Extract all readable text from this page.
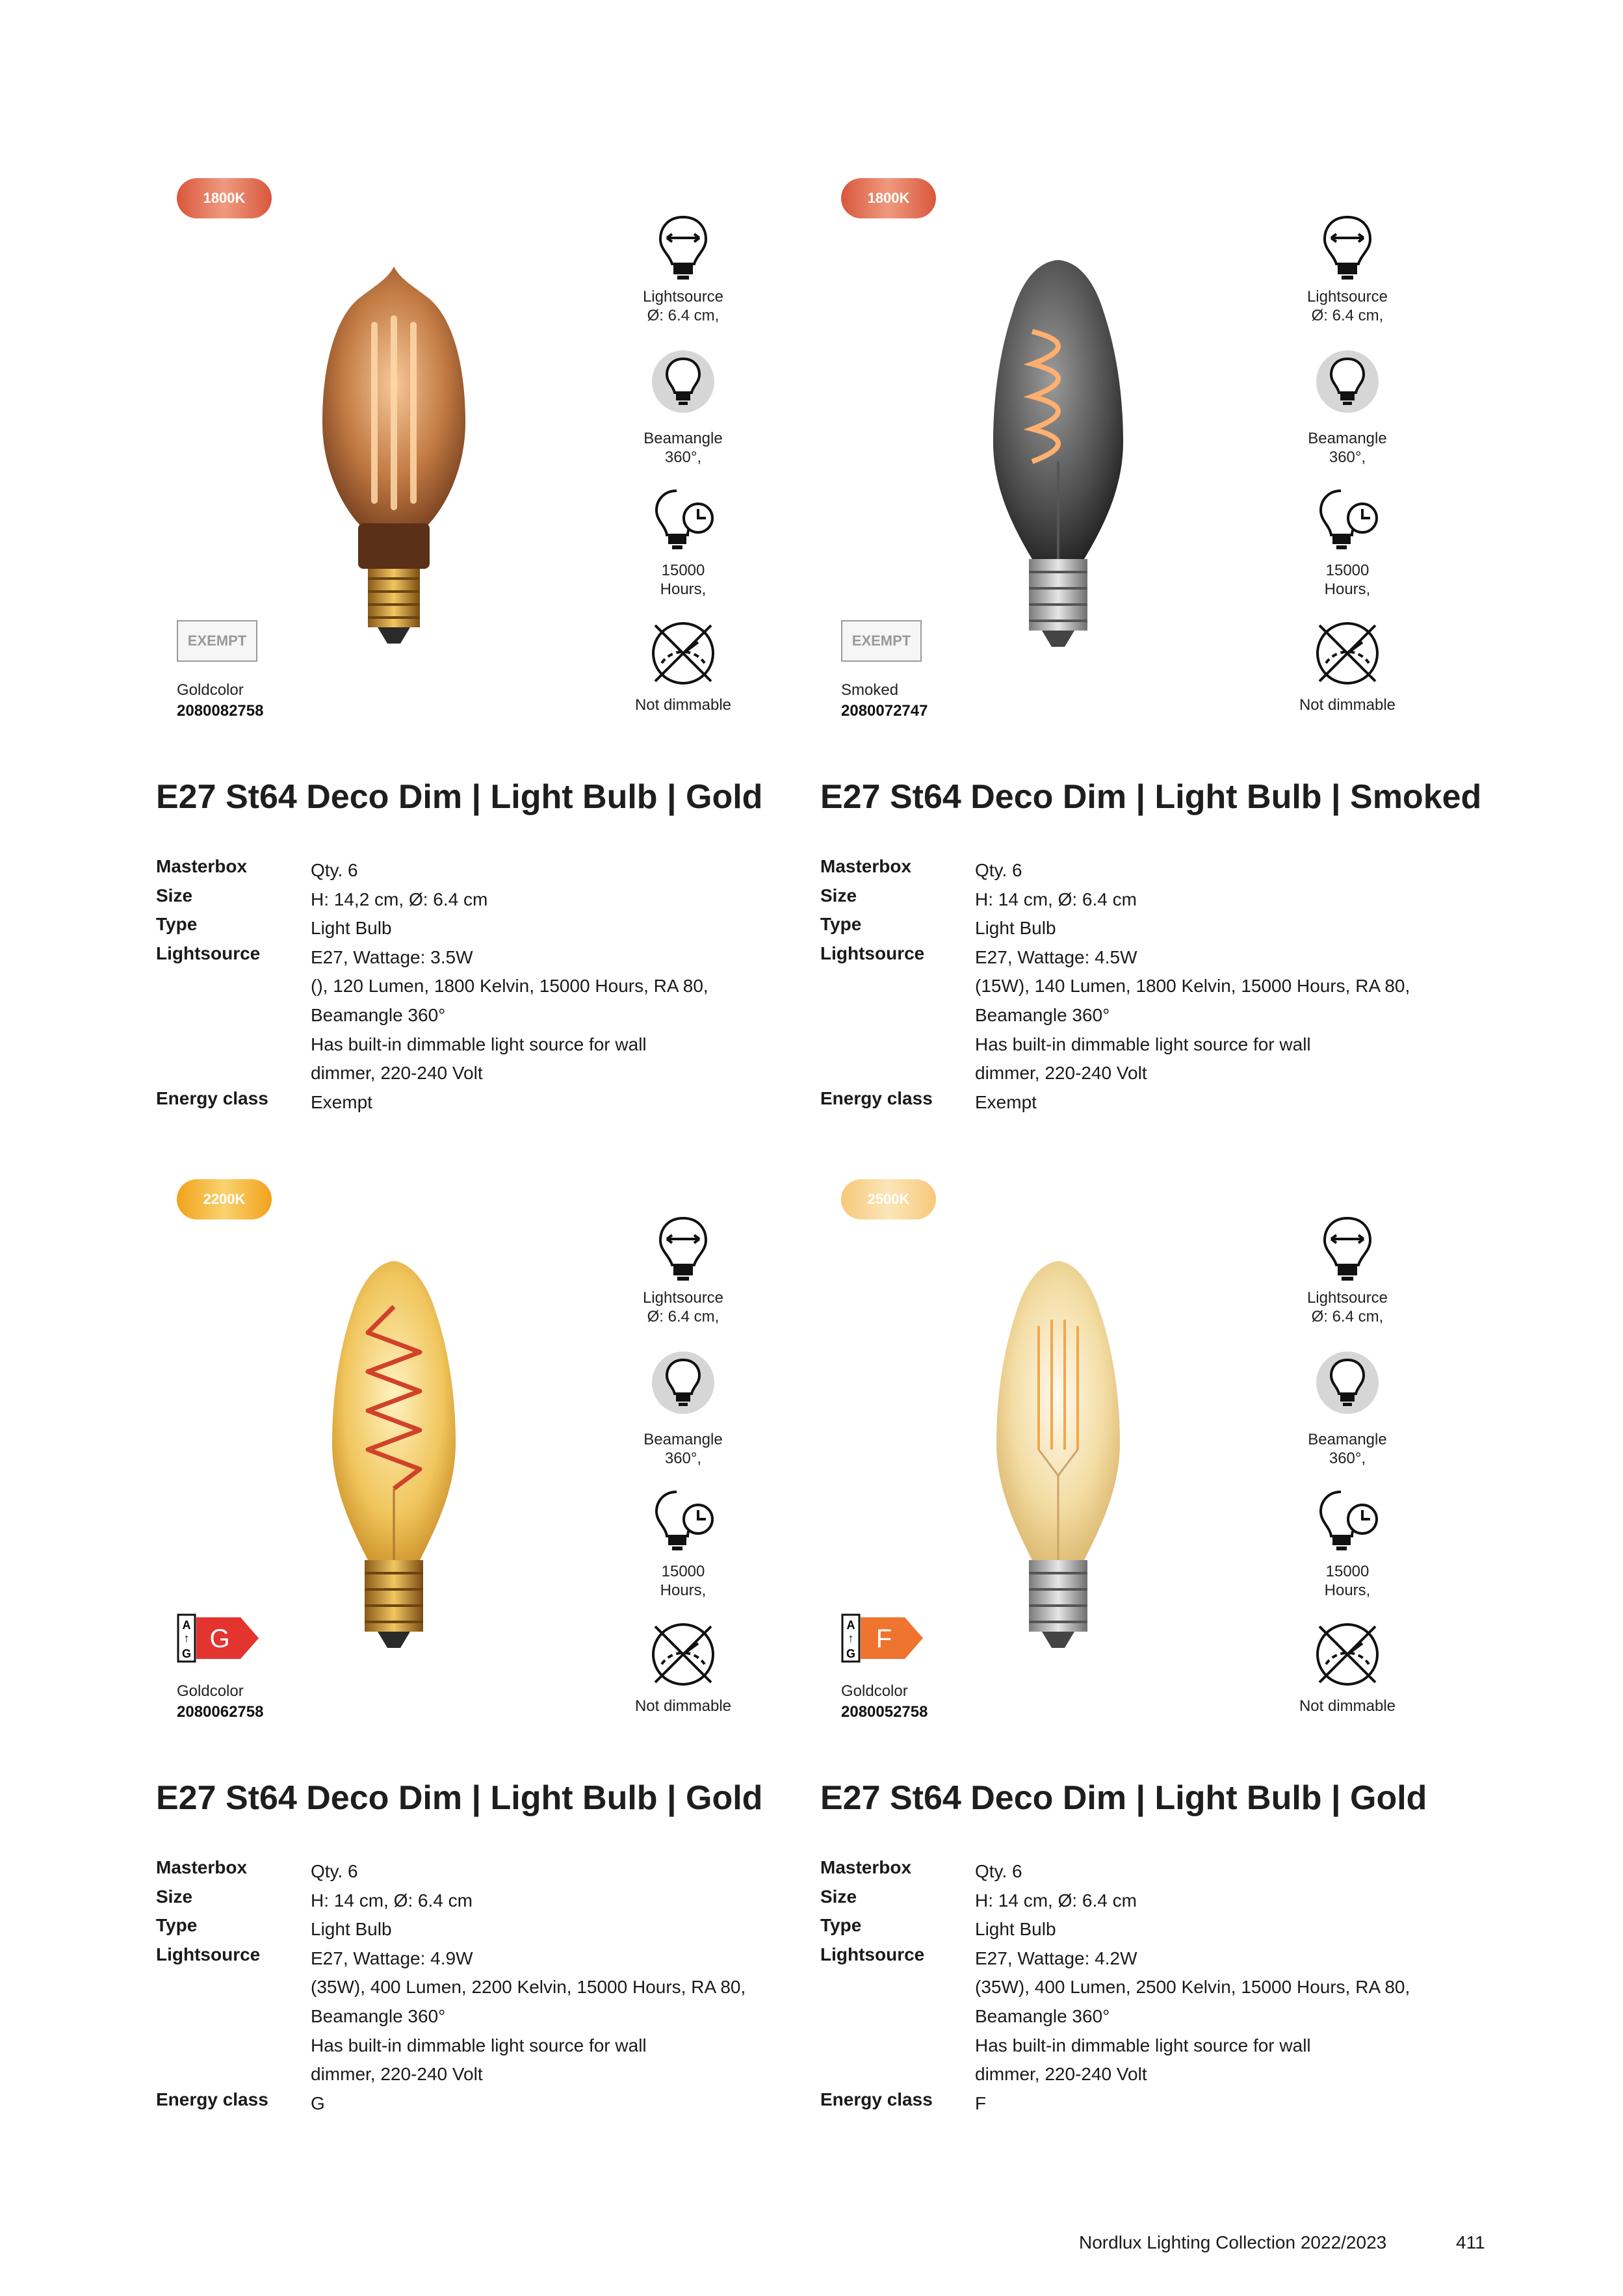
1800K
Lightsource
Ø: 6.4 cm,
Beamangle
360°,
15000
Hours,
Not dimmable
EXEMPT
Goldcolor
2080082758
E27 St64 Deco Dim | Light Bulb | Gold
Masterbox	Qty. 6
Size	H: 14,2 cm, Ø: 6.4 cm
Type	Light Bulb
Lightsource	E27, Wattage: 3.5W
(), 120 Lumen, 1800 Kelvin, 15000 Hours, RA 80,
Beamangle 360°
Has built-in dimmable light source for wall
dimmer, 220-240 Volt
Energy class Exempt
1800K
Lightsource
Ø: 6.4 cm,
Beamangle
360°,
15000
Hours,
Not dimmable
EXEMPT
Smoked
2080072747
E27 St64 Deco Dim | Light Bulb | Smoked
Masterbox	Qty. 6
Size	H: 14 cm, Ø: 6.4 cm
Type	Light Bulb
Lightsource	E27, Wattage: 4.5W
(15W), 140 Lumen, 1800 Kelvin, 15000 Hours, RA 80,
Beamangle 360°
Has built-in dimmable light source for wall
dimmer, 220-240 Volt
Energy class Exempt
2200K
Lightsource
Ø: 6.4 cm,
Beamangle
360°,
15000
Hours,
Not dimmable
A
↑
G
G
Goldcolor
2080062758
E27 St64 Deco Dim | Light Bulb | Gold
Masterbox	Qty. 6
Size	H: 14 cm, Ø: 6.4 cm
Type	Light Bulb
Lightsource	E27, Wattage: 4.9W
(35W), 400 Lumen, 2200 Kelvin, 15000 Hours, RA 80,
Beamangle 360°
Has built-in dimmable light source for wall
dimmer, 220-240 Volt
Energy class G
2500K
Lightsource
Ø: 6.4 cm,
Beamangle
360°,
15000
Hours,
Not dimmable
A
↑
G
F
Goldcolor
2080052758
E27 St64 Deco Dim | Light Bulb | Gold
Masterbox	Qty. 6
Size	H: 14 cm, Ø: 6.4 cm
Type	Light Bulb
Lightsource	E27, Wattage: 4.2W
(35W), 400 Lumen, 2500 Kelvin, 15000 Hours, RA 80,
Beamangle 360°
Has built-in dimmable light source for wall
dimmer, 220-240 Volt
Energy class F
Nordlux Lighting Collection 2022/2023	411
